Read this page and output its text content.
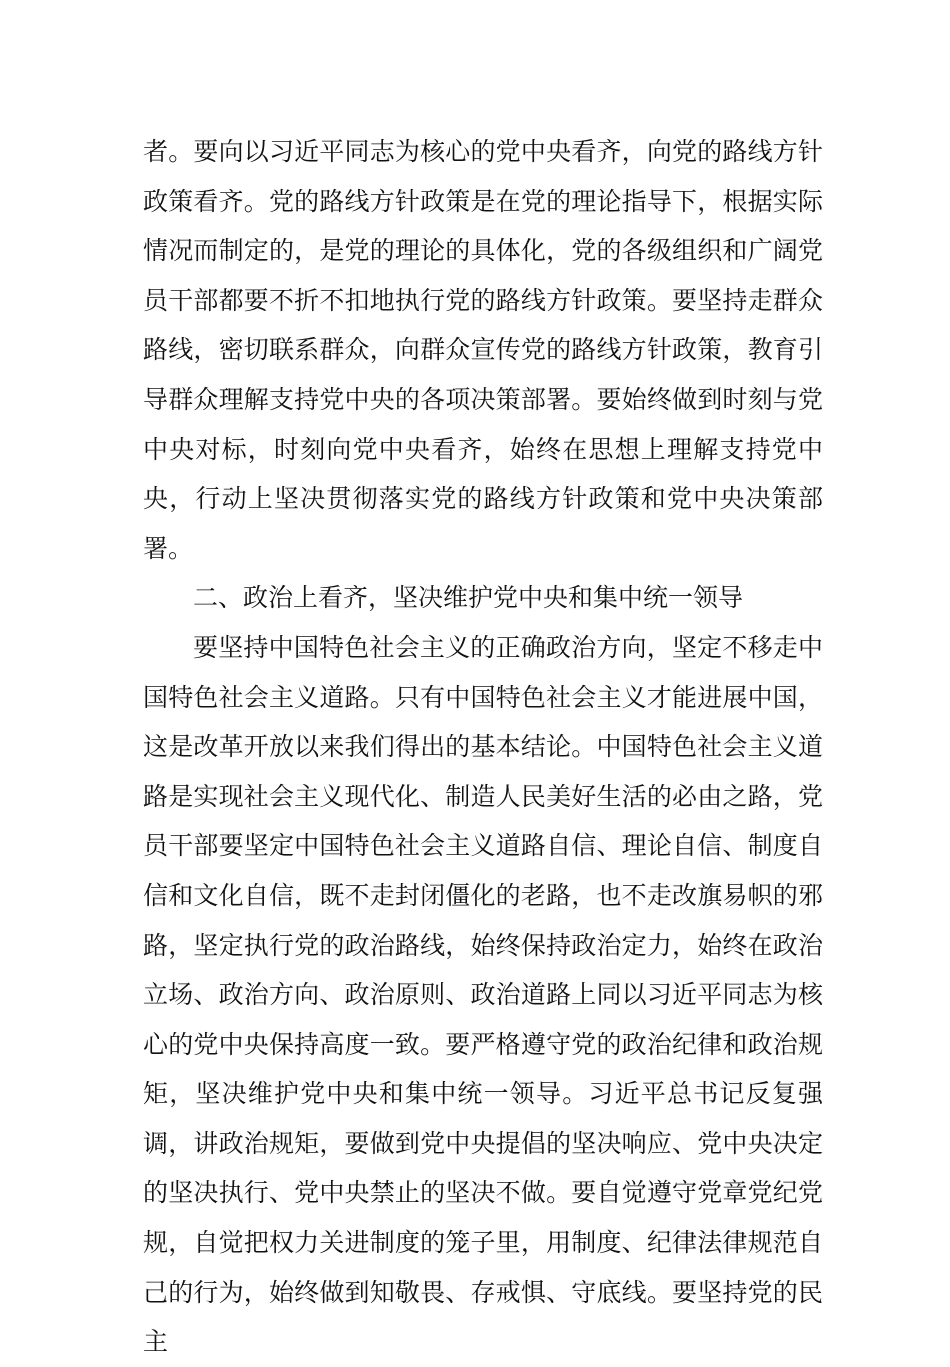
者。要向以习近平同志为核心的党中央看齐，向党的路线方针政策看齐。党的路线方针政策是在党的理论指导下，根据实际情况而制定的，是党的理论的具体化，党的各级组织和广阔党员干部都要不折不扣地执行党的路线方针政策。要坚持走群众路线，密切联系群众，向群众宣传党的路线方针政策，教育引导群众理解支持党中央的各项决策部署。要始终做到时刻与党中央对标，时刻向党中央看齐，始终在思想上理解支持党中央，行动上坚决贯彻落实党的路线方针政策和党中央决策部署。

二、政治上看齐，坚决维护党中央和集中统一领导

要坚持中国特色社会主义的正确政治方向，坚定不移走中国特色社会主义道路。只有中国特色社会主义才能进展中国，这是改革开放以来我们得出的基本结论。中国特色社会主义道路是实现社会主义现代化、制造人民美好生活的必由之路，党员干部要坚定中国特色社会主义道路自信、理论自信、制度自信和文化自信，既不走封闭僵化的老路，也不走改旗易帜的邪路，坚定执行党的政治路线，始终保持政治定力，始终在政治立场、政治方向、政治原则、政治道路上同以习近平同志为核心的党中央保持高度一致。要严格遵守党的政治纪律和政治规矩，坚决维护党中央和集中统一领导。习近平总书记反复强调，讲政治规矩，要做到党中央提倡的坚决响应、党中央决定的坚决执行、党中央禁止的坚决不做。要自觉遵守党章党纪党规，自觉把权力关进制度的笼子里，用制度、纪律法律规范自己的行为，始终做到知敬畏、存戒惧、守底线。要坚持党的民主
